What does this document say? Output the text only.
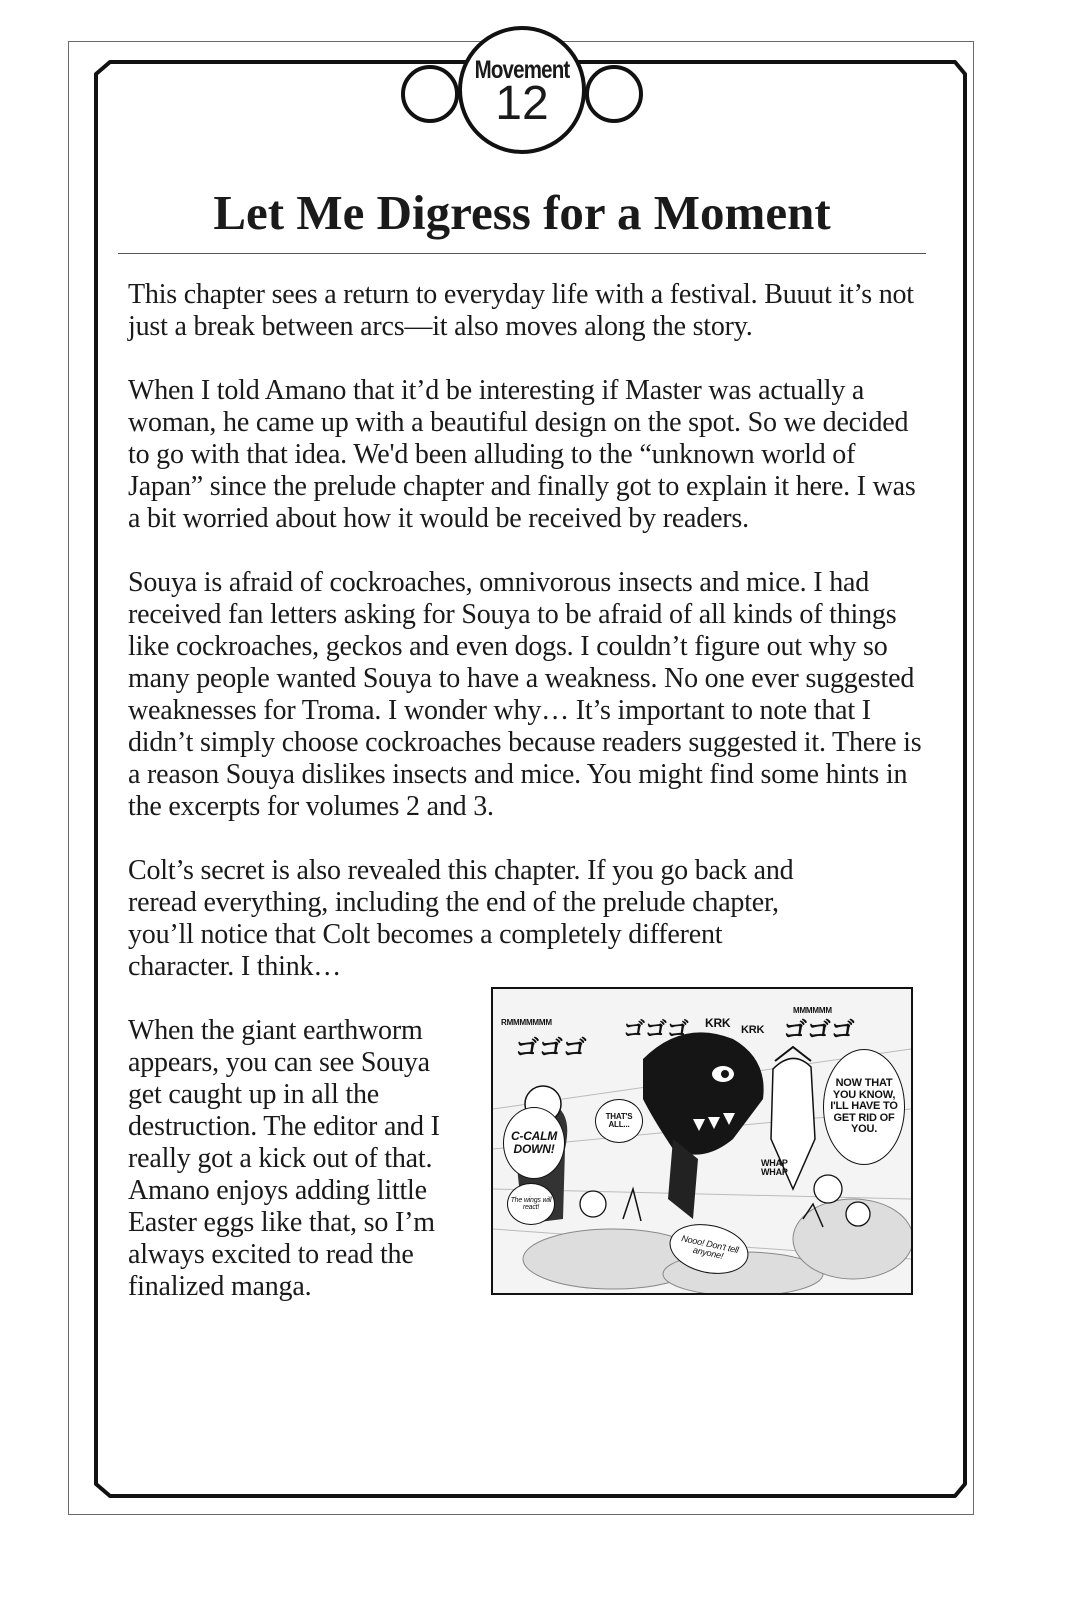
Movement
12
Let Me Digress for a Moment

This chapter sees a return to everyday life with a festival. Buuut it’s not just a break between arcs—it also moves along the story.

When I told Amano that it’d be interesting if Master was actually a woman, he came up with a beautiful design on the spot. So we decided to go with that idea. We'd been alluding to the “unknown world of Japan” since the prelude chapter and finally got to explain it here. I was a bit worried about how it would be received by readers.

Souya is afraid of cockroaches, omnivorous insects and mice. I had received fan letters asking for Souya to be afraid of all kinds of things like cockroaches, geckos and even dogs. I couldn’t figure out why so many people wanted Souya to have a weakness. No one ever suggested weaknesses for Troma. I wonder why… It’s important to note that I didn’t simply choose cockroaches because readers suggested it. There is a reason Souya dislikes insects and mice. You might find some hints in the excerpts for volumes 2 and 3.

Colt’s secret is also revealed this chapter. If you go back and reread everything, including the end of the prelude chapter, you’ll notice that Colt becomes a completely different character. I think…

RMMMMMMM
MMMMMM
KRK KRK
ゴゴゴ
ゴゴゴ	ゴゴゴ
WHAP WHAP
C-CALM DOWN!
THAT'S ALL...
NOW THAT YOU KNOW, I'LL HAVE TO GET RID OF YOU.
The wings will react!
Nooo! Don't tell anyone!

When the giant earthworm appears, you can see Souya get caught up in all the destruction. The editor and I really got a kick out of that. Amano enjoys adding little Easter eggs like that, so I’m always excited to read the finalized manga.
